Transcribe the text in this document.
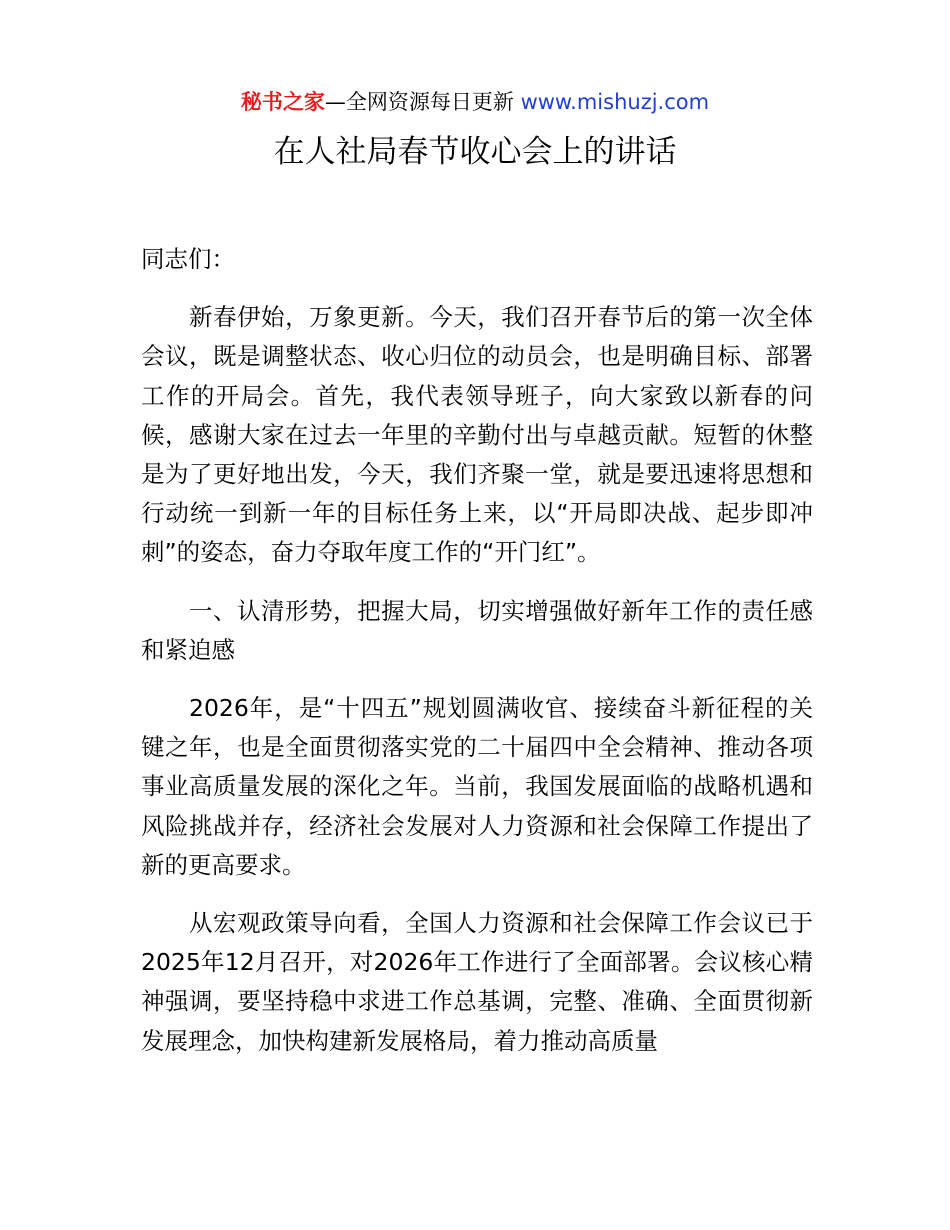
秘书之家—全网资源每日更新 www.mishuzj.com
在人社局春节收心会上的讲话

同志们：

新春伊始，万象更新。今天，我们召开春节后的第一次全体会议，既是调整状态、收心归位的动员会，也是明确目标、部署工作的开局会。首先，我代表领导班子，向大家致以新春的问候，感谢大家在过去一年里的辛勤付出与卓越贡献。短暂的休整是为了更好地出发，今天，我们齐聚一堂，就是要迅速将思想和行动统一到新一年的目标任务上来，以“开局即决战、起步即冲刺”的姿态，奋力夺取年度工作的“开门红”。

一、认清形势，把握大局，切实增强做好新年工作的责任感和紧迫感

2026年，是“十四五”规划圆满收官、接续奋斗新征程的关键之年，也是全面贯彻落实党的二十届四中全会精神、推动各项事业高质量发展的深化之年。当前，我国发展面临的战略机遇和风险挑战并存，经济社会发展对人力资源和社会保障工作提出了新的更高要求。

从宏观政策导向看，全国人力资源和社会保障工作会议已于2025年12月召开，对2026年工作进行了全面部署。会议核心精神强调，要坚持稳中求进工作总基调，完整、准确、全面贯彻新发展理念，加快构建新发展格局，着力推动高质量
